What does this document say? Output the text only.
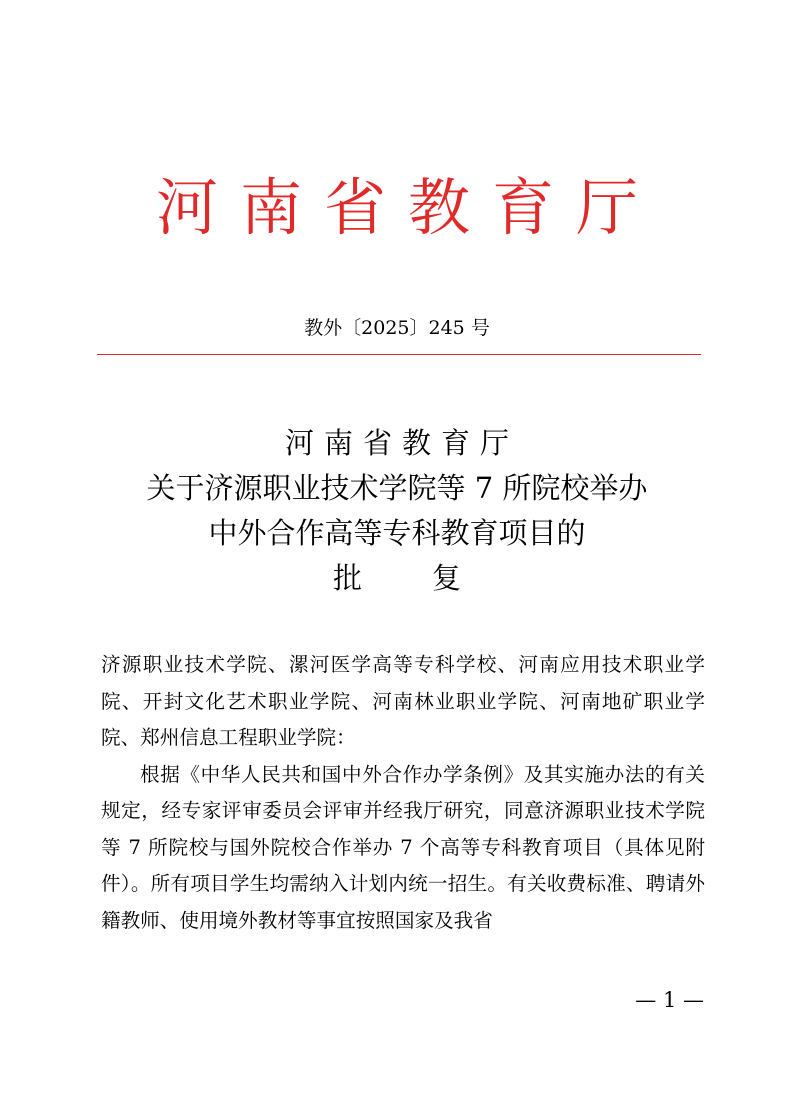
河南省教育厅
教外〔2025〕245 号
河南省教育厅
关于济源职业技术学院等 7 所院校举办
中外合作高等专科教育项目的
批复

济源职业技术学院、漯河医学高等专科学校、河南应用技术职业学院、开封文化艺术职业学院、河南林业职业学院、河南地矿职业学院、郑州信息工程职业学院：

根据《中华人民共和国中外合作办学条例》及其实施办法的有关规定，经专家评审委员会评审并经我厅研究，同意济源职业技术学院等 7 所院校与国外院校合作举办 7 个高等专科教育项目（具体见附件）。所有项目学生均需纳入计划内统一招生。有关收费标准、聘请外籍教师、使用境外教材等事宜按照国家及我省

— 1 —
